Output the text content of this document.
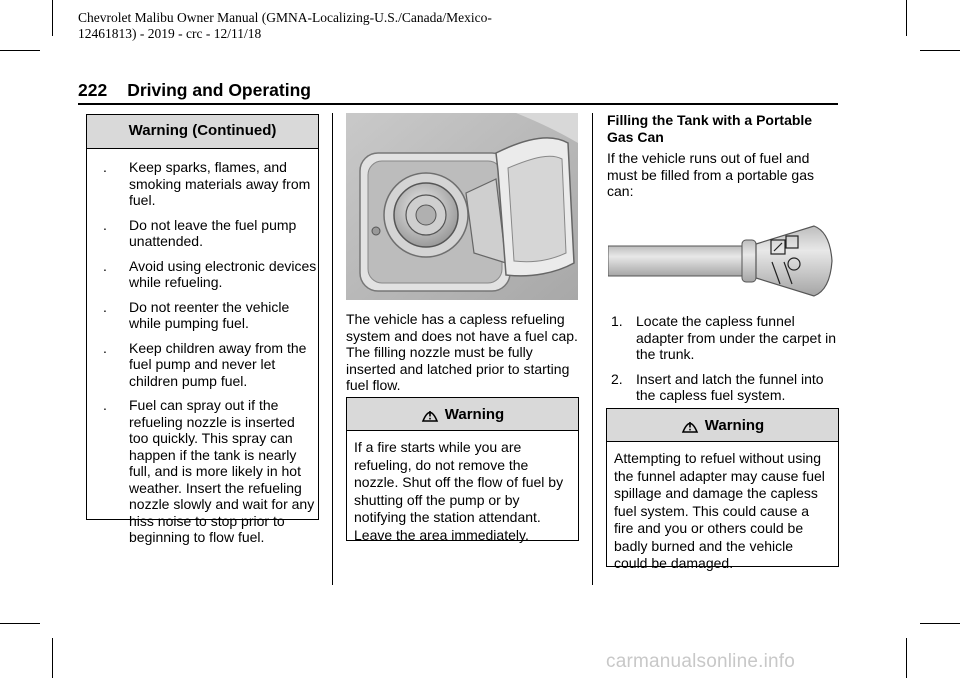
Chevrolet Malibu Owner Manual (GMNA-Localizing-U.S./Canada/Mexico-
12461813) - 2019 - crc - 12/11/18
222 Driving and Operating
Warning (Continued)
. Keep sparks, flames, and smoking materials away from fuel.
. Do not leave the fuel pump unattended.
. Avoid using electronic devices while refueling.
. Do not reenter the vehicle while pumping fuel.
. Keep children away from the fuel pump and never let children pump fuel.
. Fuel can spray out if the refueling nozzle is inserted too quickly. This spray can happen if the tank is nearly full, and is more likely in hot weather. Insert the refueling nozzle slowly and wait for any hiss noise to stop prior to beginning to flow fuel.

The vehicle has a capless refueling system and does not have a fuel cap. The filling nozzle must be fully inserted and latched prior to starting fuel flow.

Warning
If a fire starts while you are refueling, do not remove the nozzle. Shut off the flow of fuel by shutting off the pump or by notifying the station attendant. Leave the area immediately.

Filling the Tank with a Portable Gas Can

If the vehicle runs out of fuel and must be filled from a portable gas can:

1. Locate the capless funnel adapter from under the carpet in the trunk.
2. Insert and latch the funnel into the capless fuel system.
Warning
Attempting to refuel without using the funnel adapter may cause fuel spillage and damage the capless fuel system. This could cause a fire and you or others could be badly burned and the vehicle could be damaged.
carmanualsonline.info
